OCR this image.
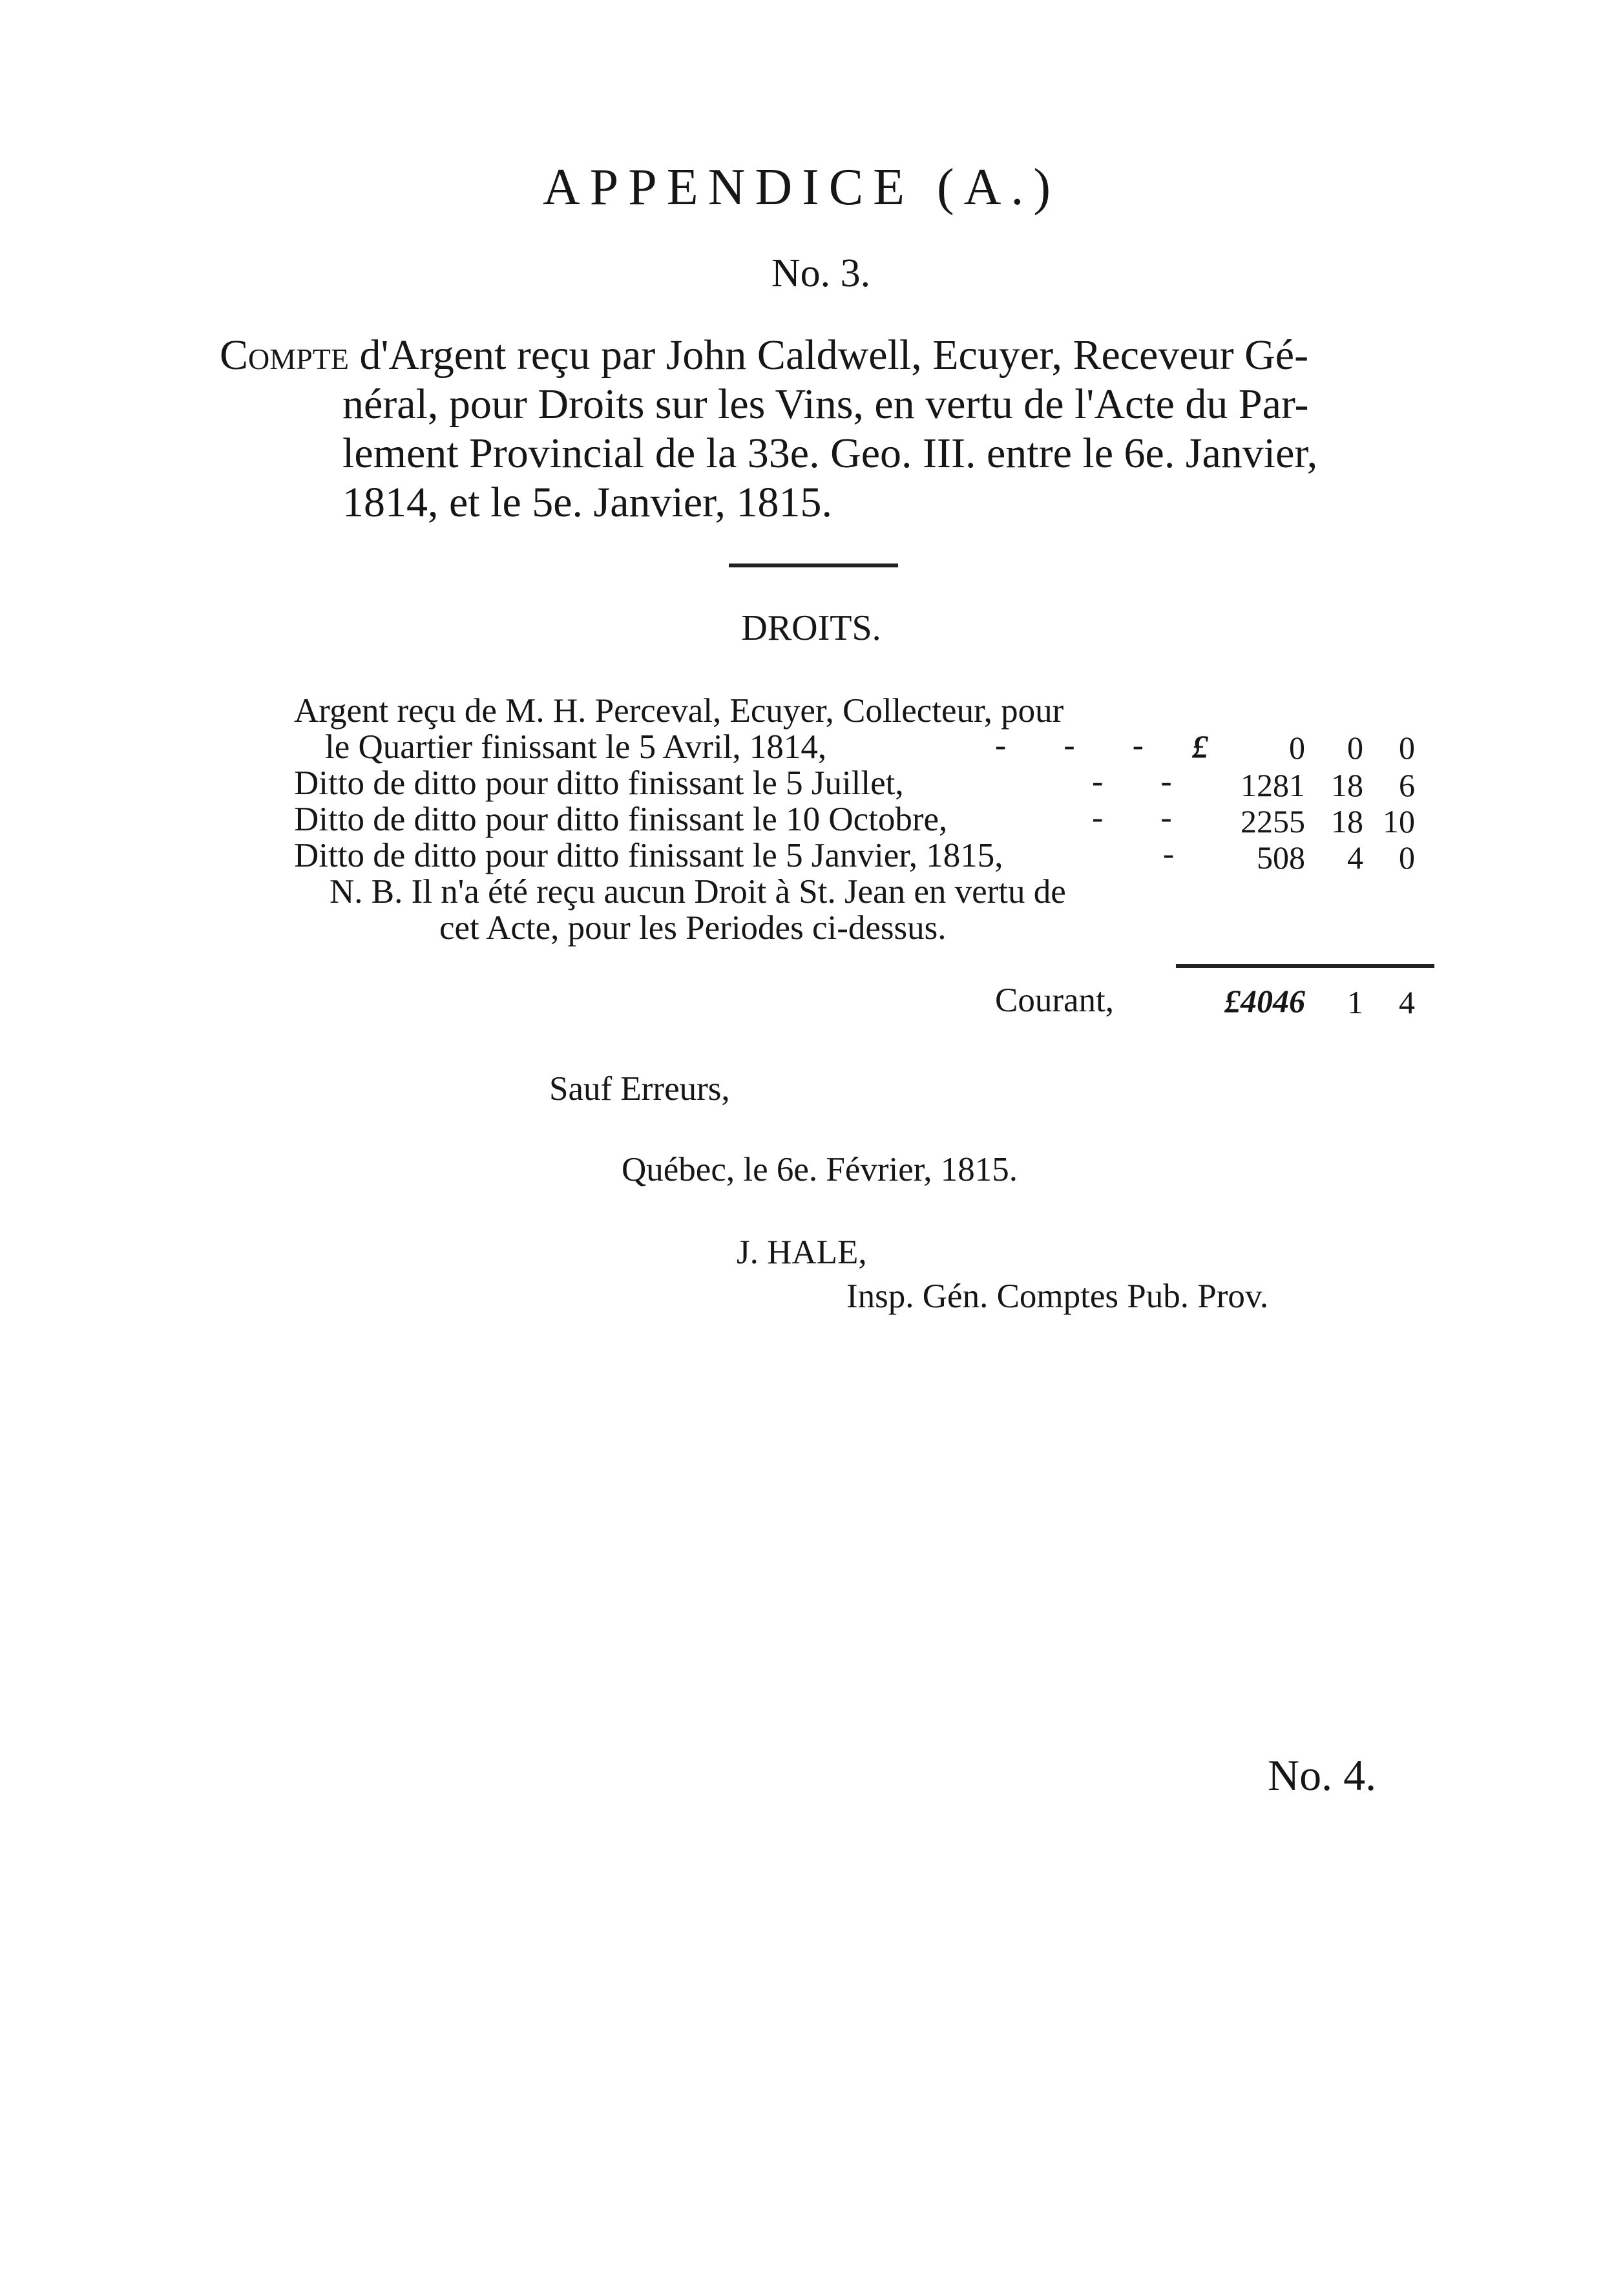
APPENDICE (A.)
No. 3.
Compte d'Argent reçu par John Caldwell, Ecuyer, Receveur Gé-
néral, pour Droits sur les Vins, en vertu de l'Acte du Par-
lement Provincial de la 33e. Geo. III. entre le 6e. Janvier,
1814, et le 5e. Janvier, 1815.
DROITS.
Argent reçu de M. H. Perceval, Ecuyer, Collecteur, pour
le Quartier finissant le 5 Avril, 1814,	- - - £	0	0	0
Ditto de ditto pour ditto finissant le 5 Juillet,	- -	1281 18	6
Ditto de ditto pour ditto finissant le 10 Octobre,	- -	2255 18 10
Ditto de ditto pour ditto finissant le 5 Janvier, 1815,	-	508	4	0
N. B. Il n'a été reçu aucun Droit à St. Jean en vertu de
cet Acte, pour les Periodes ci-dessus.
Courant,	£4046	1	4
Sauf Erreurs,
Québec, le 6e. Février, 1815.
J. HALE,
Insp. Gén. Comptes Pub. Prov.
No. 4.
